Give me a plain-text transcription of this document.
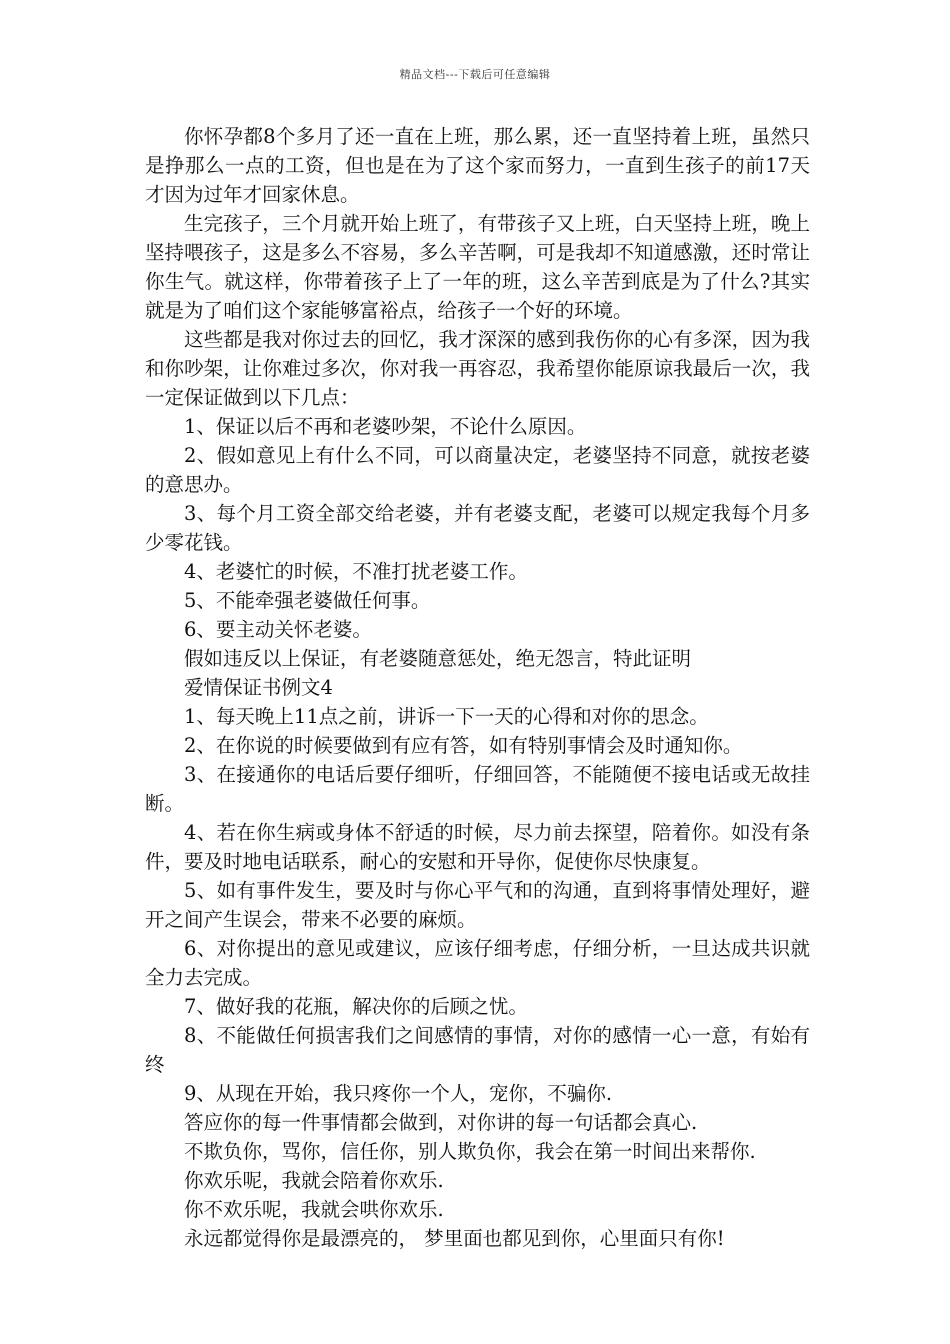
精品文档---下载后可任意编辑

你怀孕都8个多月了还一直在上班，那么累，还一直坚持着上班，虽然只是挣那么一点的工资，但也是在为了这个家而努力，一直到生孩子的前17天才因为过年才回家休息。

生完孩子，三个月就开始上班了，有带孩子又上班，白天坚持上班，晚上坚持喂孩子，这是多么不容易，多么辛苦啊，可是我却不知道感激，还时常让你生气。就这样，你带着孩子上了一年的班，这么辛苦到底是为了什么?其实就是为了咱们这个家能够富裕点，给孩子一个好的环境。

这些都是我对你过去的回忆，我才深深的感到我伤你的心有多深，因为我和你吵架，让你难过多次，你对我一再容忍，我希望你能原谅我最后一次，我一定保证做到以下几点：

1、保证以后不再和老婆吵架，不论什么原因。

2、假如意见上有什么不同，可以商量决定，老婆坚持不同意，就按老婆的意思办。

3、每个月工资全部交给老婆，并有老婆支配，老婆可以规定我每个月多少零花钱。

4、老婆忙的时候，不准打扰老婆工作。

5、不能牵强老婆做任何事。

6、要主动关怀老婆。

假如违反以上保证，有老婆随意惩处，绝无怨言，特此证明

爱情保证书例文4

1、每天晚上11点之前，讲诉一下一天的心得和对你的思念。

2、在你说的时候要做到有应有答，如有特别事情会及时通知你。

3、在接通你的电话后要仔细听，仔细回答，不能随便不接电话或无故挂断。

4、若在你生病或身体不舒适的时候，尽力前去探望，陪着你。如没有条件，要及时地电话联系，耐心的安慰和开导你，促使你尽快康复。

5、如有事件发生，要及时与你心平气和的沟通，直到将事情处理好，避开之间产生误会，带来不必要的麻烦。

6、对你提出的意见或建议，应该仔细考虑，仔细分析，一旦达成共识就全力去完成。

7、做好我的花瓶，解决你的后顾之忧。

8、不能做任何损害我们之间感情的事情，对你的感情一心一意，有始有终

9、从现在开始，我只疼你一个人，宠你，不骗你.

答应你的每一件事情都会做到，对你讲的每一句话都会真心.

不欺负你，骂你，信任你，别人欺负你，我会在第一时间出来帮你.

你欢乐呢，我就会陪着你欢乐.

你不欢乐呢，我就会哄你欢乐.

永远都觉得你是最漂亮的， 梦里面也都见到你，心里面只有你!
